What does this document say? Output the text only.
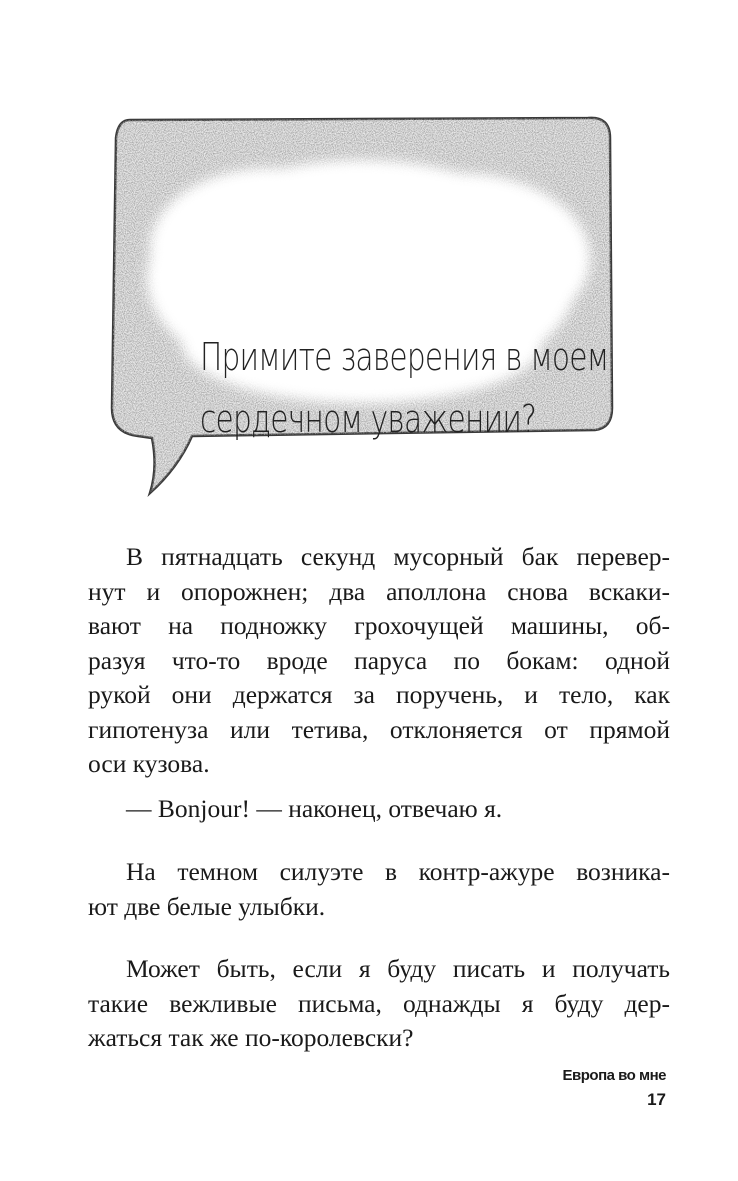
Примите заверения в моем
сердечном уважении?
В пятнадцать секунд мусорный бак перевер-
нут и опорожнен; два аполлона снова вскаки-
вают на подножку грохочущей машины, об-
разуя что-то вроде паруса по бокам: одной
рукой они держатся за поручень, и тело, как
гипотенуза или тетива, отклоняется от прямой
оси кузова.
— Bonjour! — наконец, отвечаю я.
На темном силуэте в контр-ажуре возника-
ют две белые улыбки.
Может быть, если я буду писать и получать
такие вежливые письма, однажды я буду дер-
жаться так же по-королевски?
Европа во мне
17
